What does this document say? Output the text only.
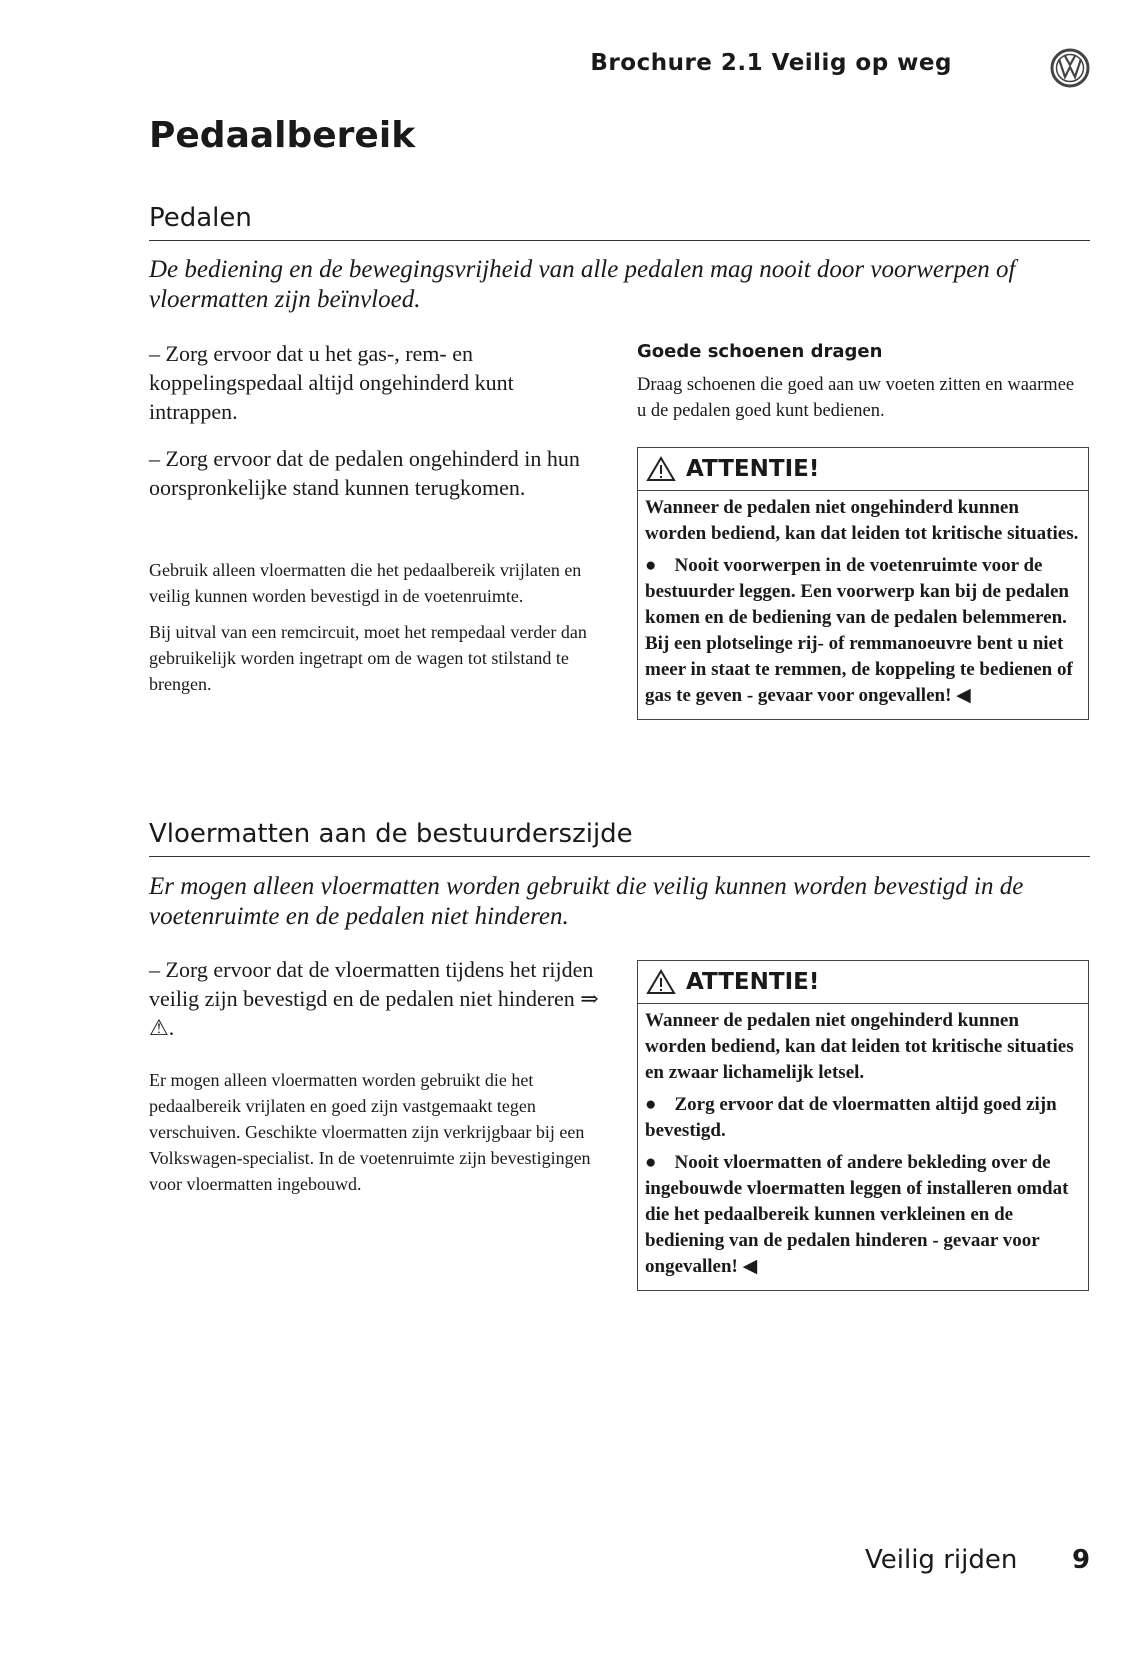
Brochure 2.1 Veilig op weg
Pedaalbereik
Pedalen
De bediening en de bewegingsvrijheid van alle pedalen mag nooit door voorwerpen of vloermatten zijn beïnvloed.
– Zorg ervoor dat u het gas-, rem- en koppelingspedaal altijd ongehinderd kunt intrappen.
– Zorg ervoor dat de pedalen ongehinderd in hun oorspronkelijke stand kunnen terugkomen.

Gebruik alleen vloermatten die het pedaalbereik vrijlaten en veilig kunnen worden bevestigd in de voetenruimte.

Bij uitval van een remcircuit, moet het rempedaal verder dan gebruikelijk worden ingetrapt om de wagen tot stilstand te brengen.

Goede schoenen dragen
Draag schoenen die goed aan uw voeten zitten en waarmee u de pedalen goed kunt bedienen.
ATTENTIE!

Wanneer de pedalen niet ongehinderd kunnen worden bediend, kan dat leiden tot kritische situaties.

● Nooit voorwerpen in de voetenruimte voor de bestuurder leggen. Een voorwerp kan bij de pedalen komen en de bediening van de pedalen belemmeren. Bij een plotselinge rij- of remmanoeuvre bent u niet meer in staat te remmen, de koppeling te bedienen of gas te geven - gevaar voor ongevallen! ◀

Vloermatten aan de bestuurderszijde
Er mogen alleen vloermatten worden gebruikt die veilig kunnen worden bevestigd in de voetenruimte en de pedalen niet hinderen.
– Zorg ervoor dat de vloermatten tijdens het rijden veilig zijn bevestigd en de pedalen niet hinderen ⇒ ⚠.

Er mogen alleen vloermatten worden gebruikt die het pedaalbereik vrijlaten en goed zijn vastgemaakt tegen verschuiven. Geschikte vloermatten zijn verkrijgbaar bij een Volkswagen-specialist. In de voetenruimte zijn bevestigingen voor vloermatten ingebouwd.

ATTENTIE!

Wanneer de pedalen niet ongehinderd kunnen worden bediend, kan dat leiden tot kritische situaties en zwaar lichamelijk letsel.

● Zorg ervoor dat de vloermatten altijd goed zijn bevestigd.

● Nooit vloermatten of andere bekleding over de ingebouwde vloermatten leggen of installeren omdat die het pedaalbereik kunnen verkleinen en de bediening van de pedalen hinderen - gevaar voor ongevallen! ◀

Veilig rijden 9
